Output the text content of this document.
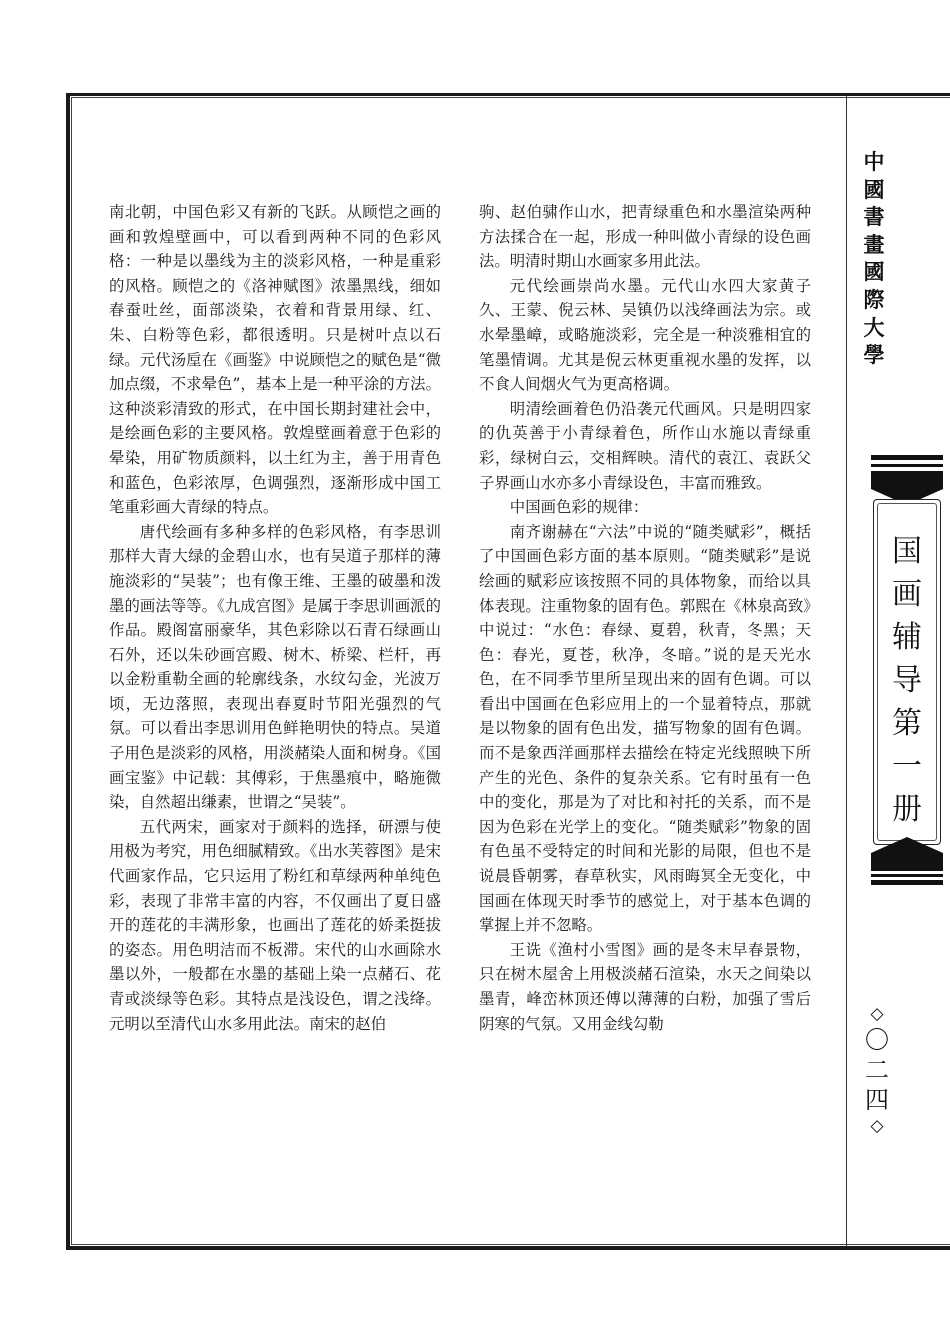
南北朝，中国色彩又有新的飞跃。从顾恺之画的画和敦煌壁画中，可以看到两种不同的色彩风格：一种是以墨线为主的淡彩风格，一种是重彩的风格。顾恺之的《洛神赋图》浓墨黑线，细如春蚕吐丝，面部淡染，衣着和背景用绿、红、朱、白粉等色彩，都很透明。只是树叶点以石绿。元代汤垕在《画鉴》中说顾恺之的赋色是“微加点缀，不求晕色”，基本上是一种平涂的方法。这种淡彩清致的形式，在中国长期封建社会中，是绘画色彩的主要风格。敦煌壁画着意于色彩的晕染，用矿物质颜料，以土红为主，善于用青色和蓝色，色彩浓厚，色调强烈，逐渐形成中国工笔重彩画大青绿的特点。

唐代绘画有多种多样的色彩风格，有李思训那样大青大绿的金碧山水，也有吴道子那样的薄施淡彩的“吴装”；也有像王维、王墨的破墨和泼墨的画法等等。《九成宫图》是属于李思训画派的作品。殿阁富丽豪华，其色彩除以石青石绿画山石外，还以朱砂画宫殿、树木、桥梁、栏杆，再以金粉重勒全画的轮廓线条，水纹勾金，光波万顷，无边落照，表现出春夏时节阳光强烈的气氛。可以看出李思训用色鲜艳明快的特点。吴道子用色是淡彩的风格，用淡赭染人面和树身。《国画宝鉴》中记载：其傅彩，于焦墨痕中，略施微染，自然超出缣素，世谓之“吴装”。

五代两宋，画家对于颜料的选择，研漂与使用极为考究，用色细腻精致。《出水芙蓉图》是宋代画家作品，它只运用了粉红和草绿两种单纯色彩，表现了非常丰富的内容，不仅画出了夏日盛开的莲花的丰满形象，也画出了莲花的娇柔挺拔的姿态。用色明洁而不板滞。宋代的山水画除水墨以外，一般都在水墨的基础上染一点赭石、花青或淡绿等色彩。其特点是浅设色，谓之浅绛。元明以至清代山水多用此法。南宋的赵伯

驹、赵伯骕作山水，把青绿重色和水墨渲染两种方法揉合在一起，形成一种叫做小青绿的设色画法。明清时期山水画家多用此法。

元代绘画崇尚水墨。元代山水四大家黄子久、王蒙、倪云林、吴镇仍以浅绛画法为宗。或水晕墨嶂，或略施淡彩，完全是一种淡雅相宜的笔墨情调。尤其是倪云林更重视水墨的发挥，以不食人间烟火气为更高格调。

明清绘画着色仍沿袭元代画风。只是明四家的仇英善于小青绿着色，所作山水施以青绿重彩，绿树白云，交相辉映。清代的袁江、袁跃父子界画山水亦多小青绿设色，丰富而雅致。

中国画色彩的规律：

南齐谢赫在“六法”中说的“随类赋彩”，概括了中国画色彩方面的基本原则。“随类赋彩”是说绘画的赋彩应该按照不同的具体物象，而给以具体表现。注重物象的固有色。郭熙在《林泉高致》中说过：“水色：春绿、夏碧，秋青，冬黑；天色：春光，夏苍，秋净，冬暗。”说的是天光水色，在不同季节里所呈现出来的固有色调。可以看出中国画在色彩应用上的一个显着特点，那就是以物象的固有色出发，描写物象的固有色调。而不是象西洋画那样去描绘在特定光线照映下所产生的光色、条件的复杂关系。它有时虽有一色中的变化，那是为了对比和衬托的关系，而不是因为色彩在光学上的变化。“随类赋彩”物象的固有色虽不受特定的时间和光影的局限，但也不是说晨昏朝雾，春草秋实，风雨晦冥全无变化，中国画在体现天时季节的感觉上，对于基本色调的掌握上并不忽略。

王诜《渔村小雪图》画的是冬末早春景物，只在树木屋舍上用极淡赭石渲染，水天之间染以墨青，峰峦林顶还傅以薄薄的白粉，加强了雪后阴寒的气氛。又用金线勾勒

中
國
書
畫
國
際
大
學
国
画
辅
导
第
一
册
◇
〇
二
四
◇
